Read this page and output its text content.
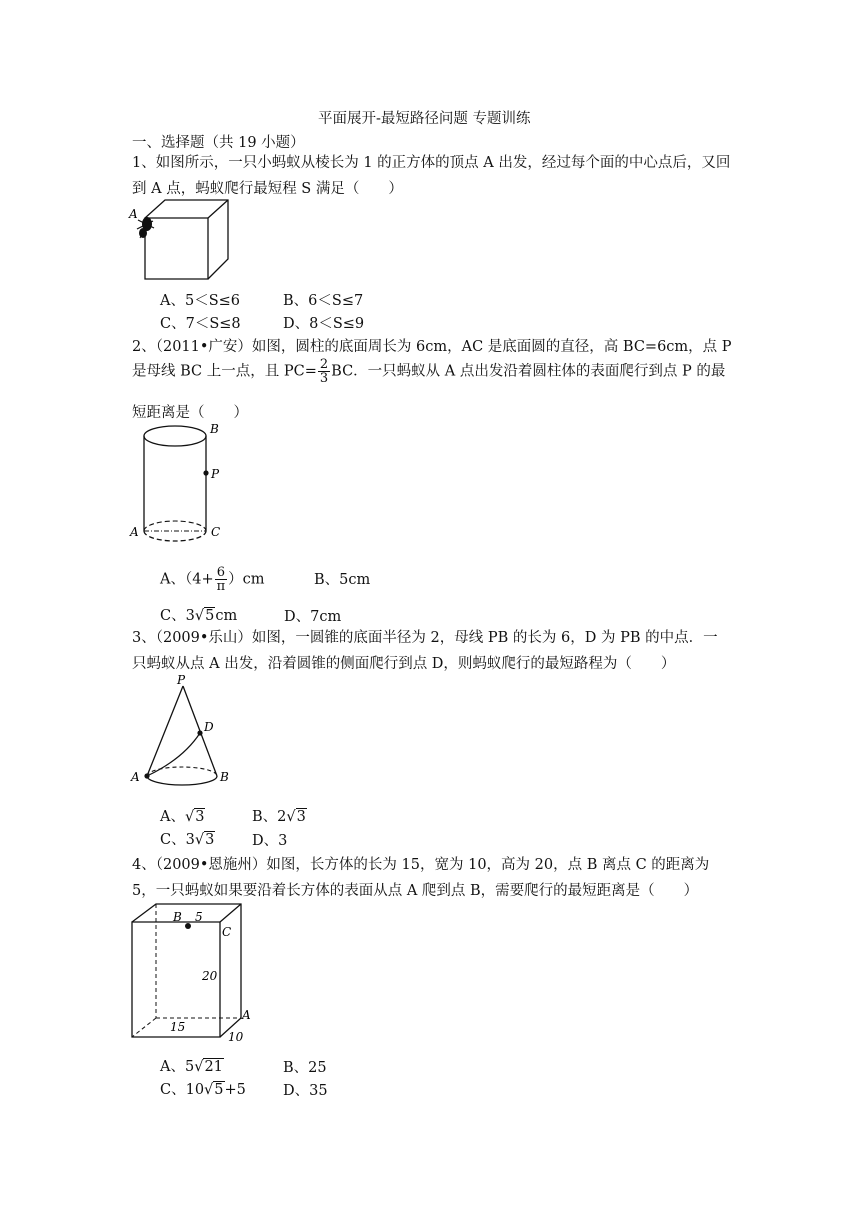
平面展开-最短路径问题 专题训练
一、选择题（共 19 小题）
1、如图所示，一只小蚂蚁从棱长为 1 的正方体的顶点 A 出发，经过每个面的中心点后，又回到 A 点，蚂蚁爬行最短程 S 满足（　　）
A
A、5＜S≤6	B、6＜S≤7
C、7＜S≤8	D、8＜S≤9
2、（2011•广安）如图，圆柱的底面周长为 6cm，AC 是底面圆的直径，高 BC=6cm，点 P
是母线 BC 上一点，且 $PC= \frac{2}{3}$ BC．一只蚂蚁从 A 点出发沿着圆柱体的表面爬行到点 P 的最
短距离是（　　）
B
P
A	C
A、$(4+ \frac{6}{\pi} )cm$	B、5cm
C、3√5cm	D、7cm
3、（2009•乐山）如图，一圆锥的底面半径为 2，母线 PB 的长为 6，D 为 PB 的中点．一只蚂蚁从点 A 出发，沿着圆锥的侧面爬行到点 D，则蚂蚁爬行的最短路程为（　　）
P
D
A	B
A、√3	B、2√3
C、3√3	D、3
4、（2009•恩施州）如图，长方体的长为 15，宽为 10，高为 20，点 B 离点 C 的距离为 5，一只蚂蚁如果要沿着长方体的表面从点 A 爬到点 B，需要爬行的最短距离是（　　）
B 5
C
20
15
10
A
A、5√21	B、25
C、10√5+5	D、35
